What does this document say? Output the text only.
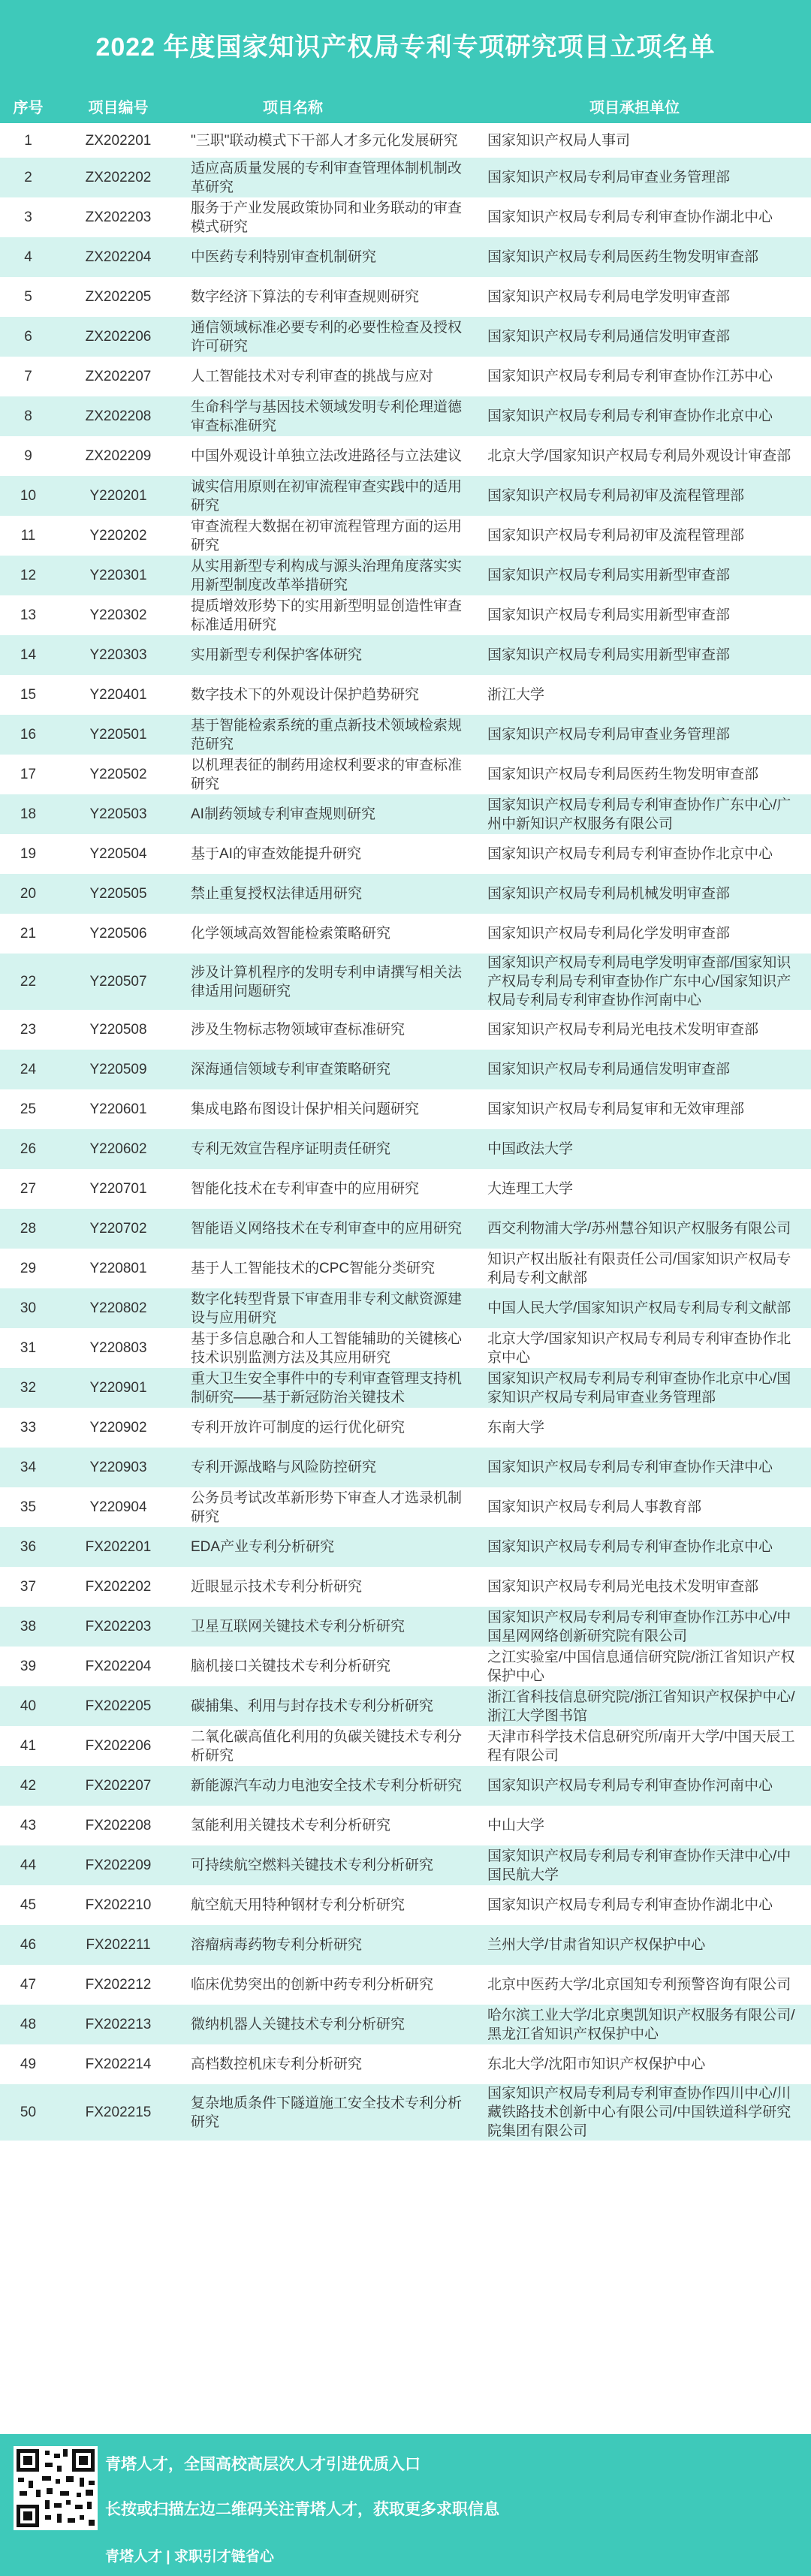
2022 年度国家知识产权局专利专项研究项目立项名单
序号	项目编号	项目名称	项目承担单位
1	ZX202201	"三职"联动模式下干部人才多元化发展研究	国家知识产权局人事司
2	ZX202202	适应高质量发展的专利审查管理体制机制改革研究	国家知识产权局专利局审查业务管理部
3	ZX202203	服务于产业发展政策协同和业务联动的审查模式研究	国家知识产权局专利局专利审查协作湖北中心
4	ZX202204	中医药专利特别审查机制研究	国家知识产权局专利局医药生物发明审查部
5	ZX202205	数字经济下算法的专利审查规则研究	国家知识产权局专利局电学发明审查部
6	ZX202206	通信领域标准必要专利的必要性检查及授权许可研究	国家知识产权局专利局通信发明审查部
7	ZX202207	人工智能技术对专利审查的挑战与应对	国家知识产权局专利局专利审查协作江苏中心
8	ZX202208	生命科学与基因技术领域发明专利伦理道德审查标准研究	国家知识产权局专利局专利审查协作北京中心
9	ZX202209	中国外观设计单独立法改进路径与立法建议	北京大学/国家知识产权局专利局外观设计审查部
10	Y220201	诚实信用原则在初审流程审查实践中的适用研究	国家知识产权局专利局初审及流程管理部
11	Y220202	审查流程大数据在初审流程管理方面的运用研究	国家知识产权局专利局初审及流程管理部
12	Y220301	从实用新型专利构成与源头治理角度落实实用新型制度改革举措研究	国家知识产权局专利局实用新型审查部
13	Y220302	提质增效形势下的实用新型明显创造性审查标准适用研究	国家知识产权局专利局实用新型审查部
14	Y220303	实用新型专利保护客体研究	国家知识产权局专利局实用新型审查部
15	Y220401	数字技术下的外观设计保护趋势研究	浙江大学
16	Y220501	基于智能检索系统的重点新技术领域检索规范研究	国家知识产权局专利局审查业务管理部
17	Y220502	以机理表征的制药用途权利要求的审查标准研究	国家知识产权局专利局医药生物发明审查部
18	Y220503	AI制药领域专利审查规则研究	国家知识产权局专利局专利审查协作广东中心/广州中新知识产权服务有限公司
19	Y220504	基于AI的审查效能提升研究	国家知识产权局专利局专利审查协作北京中心
20	Y220505	禁止重复授权法律适用研究	国家知识产权局专利局机械发明审查部
21	Y220506	化学领域高效智能检索策略研究	国家知识产权局专利局化学发明审查部
22	Y220507	涉及计算机程序的发明专利申请撰写相关法律适用问题研究	国家知识产权局专利局电学发明审查部/国家知识产权局专利局专利审查协作广东中心/国家知识产权局专利局专利审查协作河南中心
23	Y220508	涉及生物标志物领域审查标准研究	国家知识产权局专利局光电技术发明审查部
24	Y220509	深海通信领域专利审查策略研究	国家知识产权局专利局通信发明审查部
25	Y220601	集成电路布图设计保护相关问题研究	国家知识产权局专利局复审和无效审理部
26	Y220602	专利无效宣告程序证明责任研究	中国政法大学
27	Y220701	智能化技术在专利审查中的应用研究	大连理工大学
28	Y220702	智能语义网络技术在专利审查中的应用研究	西交利物浦大学/苏州慧谷知识产权服务有限公司
29	Y220801	基于人工智能技术的CPC智能分类研究	知识产权出版社有限责任公司/国家知识产权局专利局专利文献部
30	Y220802	数字化转型背景下审查用非专利文献资源建设与应用研究	中国人民大学/国家知识产权局专利局专利文献部
31	Y220803	基于多信息融合和人工智能辅助的关键核心技术识别监测方法及其应用研究	北京大学/国家知识产权局专利局专利审查协作北京中心
32	Y220901	重大卫生安全事件中的专利审查管理支持机制研究——基于新冠防治关键技术	国家知识产权局专利局专利审查协作北京中心/国家知识产权局专利局审查业务管理部
33	Y220902	专利开放许可制度的运行优化研究	东南大学
34	Y220903	专利开源战略与风险防控研究	国家知识产权局专利局专利审查协作天津中心
35	Y220904	公务员考试改革新形势下审查人才选录机制研究	国家知识产权局专利局人事教育部
36	FX202201	EDA产业专利分析研究	国家知识产权局专利局专利审查协作北京中心
37	FX202202	近眼显示技术专利分析研究	国家知识产权局专利局光电技术发明审查部
38	FX202203	卫星互联网关键技术专利分析研究	国家知识产权局专利局专利审查协作江苏中心/中国星网网络创新研究院有限公司
39	FX202204	脑机接口关键技术专利分析研究	之江实验室/中国信息通信研究院/浙江省知识产权保护中心
40	FX202205	碳捕集、利用与封存技术专利分析研究	浙江省科技信息研究院/浙江省知识产权保护中心/浙江大学图书馆
41	FX202206	二氧化碳高值化利用的负碳关键技术专利分析研究	天津市科学技术信息研究所/南开大学/中国天辰工程有限公司
42	FX202207	新能源汽车动力电池安全技术专利分析研究	国家知识产权局专利局专利审查协作河南中心
43	FX202208	氢能利用关键技术专利分析研究	中山大学
44	FX202209	可持续航空燃料关键技术专利分析研究	国家知识产权局专利局专利审查协作天津中心/中国民航大学
45	FX202210	航空航天用特种钢材专利分析研究	国家知识产权局专利局专利审查协作湖北中心
46	FX202211	溶瘤病毒药物专利分析研究	兰州大学/甘肃省知识产权保护中心
47	FX202212	临床优势突出的创新中药专利分析研究	北京中医药大学/北京国知专利预警咨询有限公司
48	FX202213	微纳机器人关键技术专利分析研究	哈尔滨工业大学/北京奥凯知识产权服务有限公司/黑龙江省知识产权保护中心
49	FX202214	高档数控机床专利分析研究	东北大学/沈阳市知识产权保护中心
50	FX202215	复杂地质条件下隧道施工安全技术专利分析研究	国家知识产权局专利局专利审查协作四川中心/川藏铁路技术创新中心有限公司/中国铁道科学研究院集团有限公司
青塔人才，全国高校高层次人才引进优质入口
长按或扫描左边二维码关注青塔人才，获取更多求职信息
青塔人才 | 求职引才链省心
